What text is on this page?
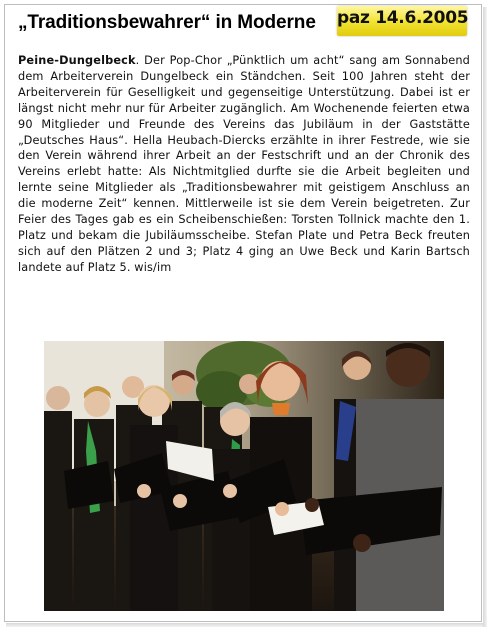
„Traditionsbewahrer“ in Moderne paz 14.6.2005
Peine-Dungelbeck. Der Pop-Chor „Pünktlich um acht“ sang am Sonnabend dem Arbeiterverein Dungelbeck ein Ständchen. Seit 100 Jahren steht der Arbeiterverein für Geselligkeit und gegenseitige Unterstützung. Dabei ist er längst nicht mehr nur für Arbeiter zugänglich. Am Wochenende feierten etwa 90 Mitglieder und Freunde des Vereins das Jubiläum in der Gaststätte „Deutsches Haus“. Hella Heubach-Diercks erzählte in ihrer Festrede, wie sie den Verein während ihrer Arbeit an der Festschrift und an der Chronik des Vereins erlebt hatte: Als Nichtmitglied durfte sie die Arbeit begleiten und lernte seine Mitglieder als „Traditionsbewahrer mit geistigem Anschluss an die moderne Zeit“ kennen. Mittlerweile ist sie dem Verein beigetreten. Zur Feier des Tages gab es ein Scheibenschießen: Torsten Tollnick machte den 1. Platz und bekam die Jubiläumsscheibe. Stefan Plate und Petra Beck freuten sich auf den Plätzen 2 und 3; Platz 4 ging an Uwe Beck und Karin Bartsch landete auf Platz 5. wis/im
